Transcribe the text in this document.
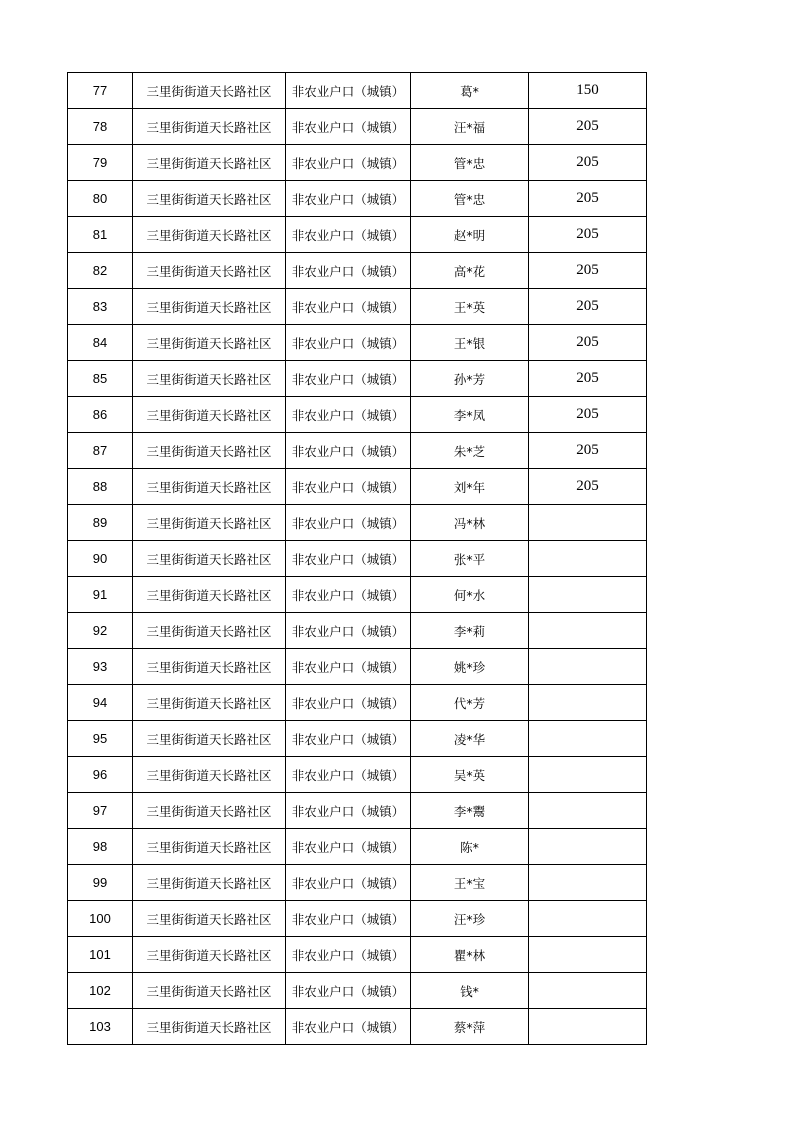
77	三里街街道天长路社区	非农业户口（城镇）	葛*	150
78	三里街街道天长路社区	非农业户口（城镇）	汪*福	205
79	三里街街道天长路社区	非农业户口（城镇）	管*忠	205
80	三里街街道天长路社区	非农业户口（城镇）	管*忠	205
81	三里街街道天长路社区	非农业户口（城镇）	赵*明	205
82	三里街街道天长路社区	非农业户口（城镇）	高*花	205
83	三里街街道天长路社区	非农业户口（城镇）	王*英	205
84	三里街街道天长路社区	非农业户口（城镇）	王*银	205
85	三里街街道天长路社区	非农业户口（城镇）	孙*芳	205
86	三里街街道天长路社区	非农业户口（城镇）	李*凤	205
87	三里街街道天长路社区	非农业户口（城镇）	朱*芝	205
88	三里街街道天长路社区	非农业户口（城镇）	刘*年	205
89	三里街街道天长路社区	非农业户口（城镇）	冯*林	
90	三里街街道天长路社区	非农业户口（城镇）	张*平	
91	三里街街道天长路社区	非农业户口（城镇）	何*水	
92	三里街街道天长路社区	非农业户口（城镇）	李*莉	
93	三里街街道天长路社区	非农业户口（城镇）	姚*珍	
94	三里街街道天长路社区	非农业户口（城镇）	代*芳	
95	三里街街道天长路社区	非农业户口（城镇）	凌*华	
96	三里街街道天长路社区	非农业户口（城镇）	吴*英	
97	三里街街道天长路社区	非农业户口（城镇）	李*鬻	
98	三里街街道天长路社区	非农业户口（城镇）	陈*	
99	三里街街道天长路社区	非农业户口（城镇）	王*宝	
100	三里街街道天长路社区	非农业户口（城镇）	汪*珍	
101	三里街街道天长路社区	非农业户口（城镇）	瞿*林	
102	三里街街道天长路社区	非农业户口（城镇）	钱*	
103	三里街街道天长路社区	非农业户口（城镇）	蔡*萍	
